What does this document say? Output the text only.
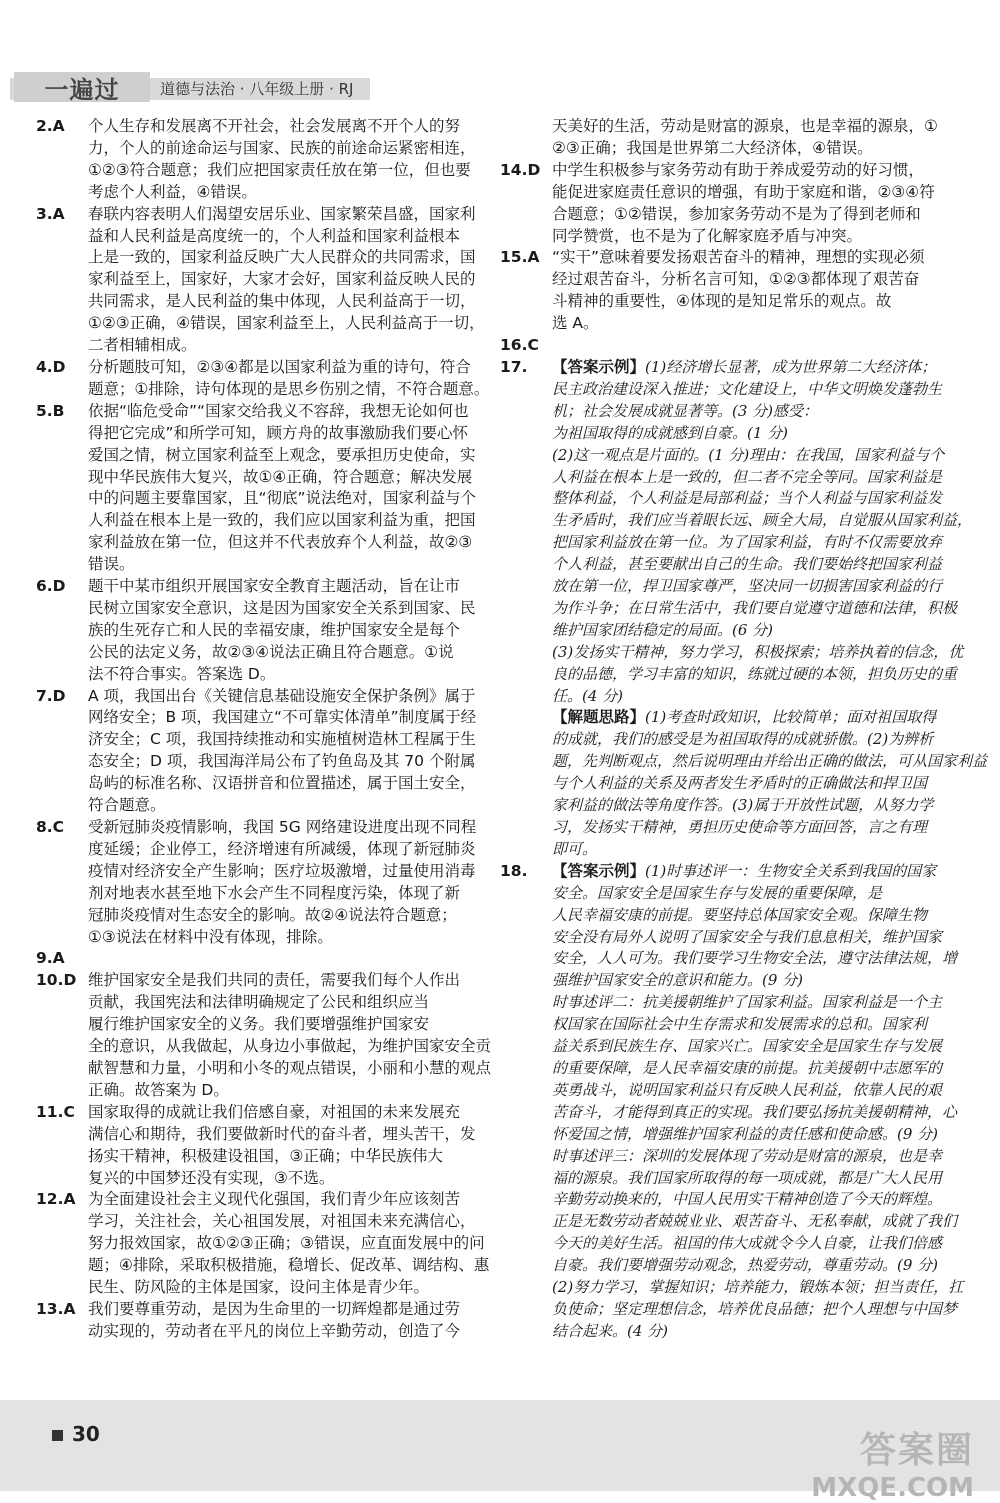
一遍过	道德与法治 · 八年级上册 · RJ
2.A	个人生存和发展离不开社会，社会发展离不开个人的努

力，个人的前途命运与国家、民族的前途命运紧密相连，

①②③符合题意；我们应把国家责任放在第一位，但也要

考虑个人利益，④错误。

3.A	春联内容表明人们渴望安居乐业、国家繁荣昌盛，国家利

益和人民利益是高度统一的，个人利益和国家利益根本

上是一致的，国家利益反映广大人民群众的共同需求，国

家利益至上，国家好，大家才会好，国家利益反映人民的

共同需求，是人民利益的集中体现，人民利益高于一切，

①②③正确，④错误，国家利益至上，人民利益高于一切，

二者相辅相成。

4.D	分析题肢可知，②③④都是以国家利益为重的诗句，符合

题意；①排除，诗句体现的是思乡伤别之情，不符合题意。

5.B	依据“临危受命”“国家交给我义不容辞，我想无论如何也

得把它完成”和所学可知，顾方舟的故事激励我们要心怀

爱国之情，树立国家利益至上观念，要承担历史使命，实

现中华民族伟大复兴，故①④正确，符合题意；解决发展

中的问题主要靠国家，且“彻底”说法绝对，国家利益与个

人利益在根本上是一致的，我们应以国家利益为重，把国

家利益放在第一位，但这并不代表放弃个人利益，故②③

错误。

6.D	题干中某市组织开展国家安全教育主题活动，旨在让市

民树立国家安全意识，这是因为国家安全关系到国家、民

族的生死存亡和人民的幸福安康，维护国家安全是每个

公民的法定义务，故②③④说法正确且符合题意。①说

法不符合事实。答案选 D。

7.D	A 项，我国出台《关键信息基础设施安全保护条例》属于

网络安全；B 项，我国建立“不可靠实体清单”制度属于经

济安全；C 项，我国持续推动和实施植树造林工程属于生

态安全；D 项，我国海洋局公布了钓鱼岛及其 70 个附属

岛屿的标准名称、汉语拼音和位置描述，属于国土安全，

符合题意。

8.C	受新冠肺炎疫情影响，我国 5G 网络建设进度出现不同程

度延缓；企业停工，经济增速有所减缓，体现了新冠肺炎

疫情对经济安全产生影响；医疗垃圾激增，过量使用消毒

剂对地表水甚至地下水会产生不同程度污染，体现了新

冠肺炎疫情对生态安全的影响。故②④说法符合题意；

①③说法在材料中没有体现，排除。

9.A

10.D 维护国家安全是我们共同的责任，需要我们每个人作出

贡献，我国宪法和法律明确规定了公民和组织应当

履行维护国家安全的义务。我们要增强维护国家安

全的意识，从我做起，从身边小事做起，为维护国家安全贡

献智慧和力量，小明和小冬的观点错误，小丽和小慧的观点

正确。故答案为 D。

11.C 国家取得的成就让我们倍感自豪，对祖国的未来发展充

满信心和期待，我们要做新时代的奋斗者，埋头苦干，发

扬实干精神，积极建设祖国，③正确；中华民族伟大

复兴的中国梦还没有实现，③不选。

12.A 为全面建设社会主义现代化强国，我们青少年应该刻苦

学习，关注社会，关心祖国发展，对祖国未来充满信心，

努力报效国家，故①②③正确；③错误，应直面发展中的问

题；④排除，采取积极措施，稳增长、促改革、调结构、惠

民生、防风险的主体是国家，设问主体是青少年。

13.A 我们要尊重劳动，是因为生命里的一切辉煌都是通过劳

动实现的，劳动者在平凡的岗位上辛勤劳动，创造了今

天美好的生活，劳动是财富的源泉，也是幸福的源泉，①

②③正确；我国是世界第二大经济体，④错误。

14.D 中学生积极参与家务劳动有助于养成爱劳动的好习惯，

能促进家庭责任意识的增强，有助于家庭和谐，②③④符

合题意；①②错误，参加家务劳动不是为了得到老师和

同学赞赏，也不是为了化解家庭矛盾与冲突。

15.A “实干”意味着要发扬艰苦奋斗的精神，理想的实现必须

经过艰苦奋斗，分析名言可知，①②③都体现了艰苦奋

斗精神的重要性，④体现的是知足常乐的观点。故

选 A。

16.C

17.	【答案示例】(1)经济增长显著，成为世界第二大经济体；

民主政治建设深入推进；文化建设上，中华文明焕发蓬勃生

机；社会发展成就显著等。(3 分)感受：

为祖国取得的成就感到自豪。(1 分)

(2)这一观点是片面的。(1 分)理由：在我国，国家利益与个

人利益在根本上是一致的，但二者不完全等同。国家利益是

整体利益，个人利益是局部利益；当个人利益与国家利益发

生矛盾时，我们应当着眼长远、顾全大局，自觉服从国家利益，

把国家利益放在第一位。为了国家利益，有时不仅需要放弃

个人利益，甚至要献出自己的生命。我们要始终把国家利益

放在第一位，捍卫国家尊严，坚决同一切损害国家利益的行

为作斗争；在日常生活中，我们要自觉遵守道德和法律，积极

维护国家团结稳定的局面。(6 分)

(3)发扬实干精神，努力学习，积极探索；培养执着的信念，优

良的品德，学习丰富的知识，练就过硬的本领，担负历史的重

任。(4 分)

【解题思路】(1)考查时政知识，比较简单；面对祖国取得

的成就，我们的感受是为祖国取得的成就骄傲。(2)为辨析

题，先判断观点，然后说明理由并给出正确的做法，可从国家利益

与个人利益的关系及两者发生矛盾时的正确做法和捍卫国

家利益的做法等角度作答。(3)属于开放性试题，从努力学

习，发扬实干精神，勇担历史使命等方面回答，言之有理

即可。

18.	【答案示例】(1)时事述评一：生物安全关系到我国的国家

安全。国家安全是国家生存与发展的重要保障，是

人民幸福安康的前提。要坚持总体国家安全观。保障生物

安全没有局外人说明了国家安全与我们息息相关，维护国家

安全，人人可为。我们要学习生物安全法，遵守法律法规，增

强维护国家安全的意识和能力。(9 分)

时事述评二：抗美援朝维护了国家利益。国家利益是一个主

权国家在国际社会中生存需求和发展需求的总和。国家利

益关系到民族生存、国家兴亡。国家安全是国家生存与发展

的重要保障，是人民幸福安康的前提。抗美援朝中志愿军的

英勇战斗，说明国家利益只有反映人民利益，依靠人民的艰

苦奋斗，才能得到真正的实现。我们要弘扬抗美援朝精神，心

怀爱国之情，增强维护国家利益的责任感和使命感。(9 分)

时事述评三：深圳的发展体现了劳动是财富的源泉，也是幸

福的源泉。我们国家所取得的每一项成就，都是广大人民用

辛勤劳动换来的，中国人民用实干精神创造了今天的辉煌。

正是无数劳动者兢兢业业、艰苦奋斗、无私奉献，成就了我们

今天的美好生活。祖国的伟大成就令今人自豪，让我们倍感

自豪。我们要增强劳动观念，热爱劳动，尊重劳动。(9 分)

(2)努力学习，掌握知识；培养能力，锻炼本领；担当责任，扛

负使命；坚定理想信念，培养优良品德；把个人理想与中国梦

结合起来。(4 分)

30	答案圈
MXQE.COM
